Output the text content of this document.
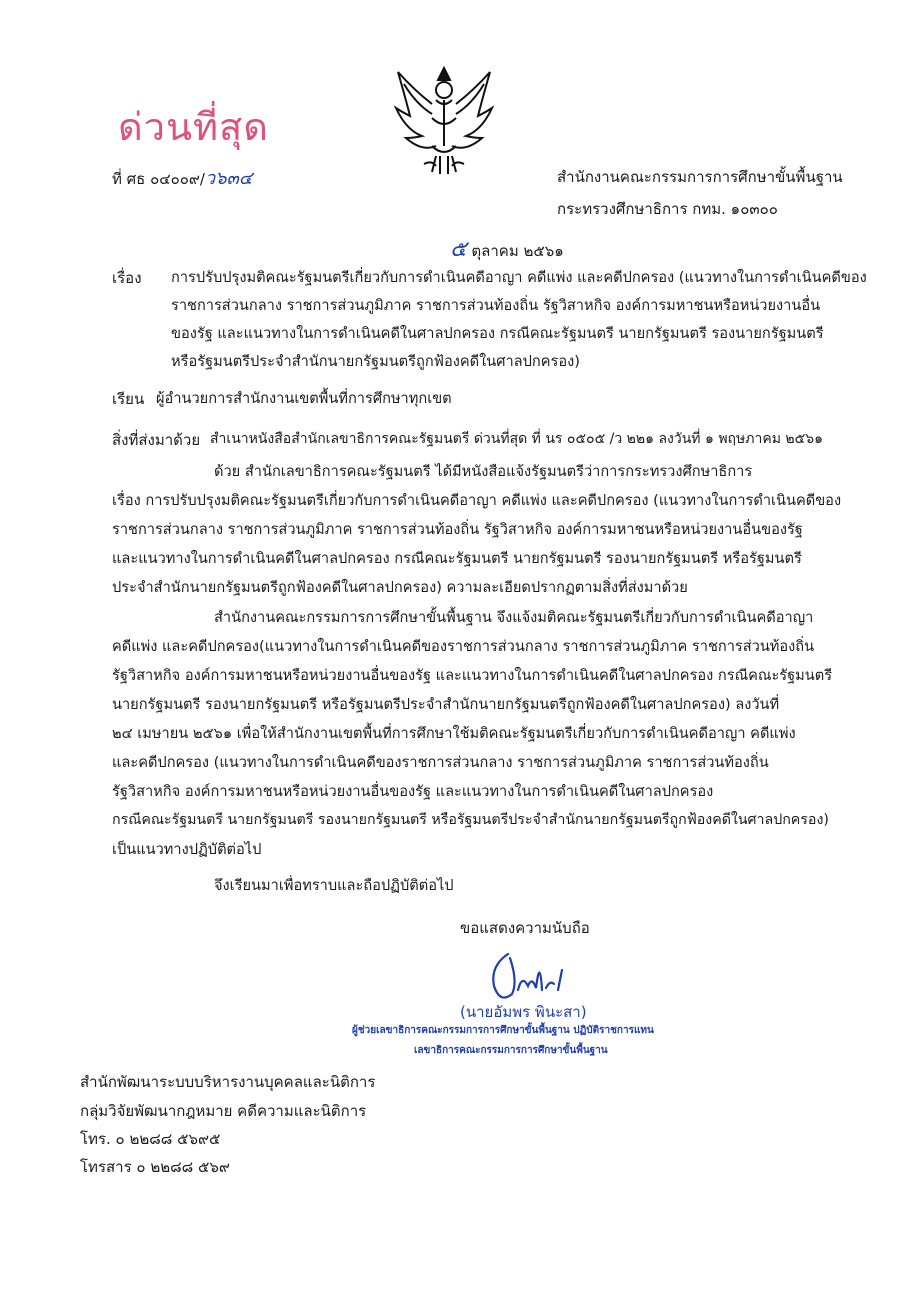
ด่วนที่สุด
ที่ ศธ ๐๔๐๐๙/ว๖๓๔	สำนักงานคณะกรรมการการศึกษาขั้นพื้นฐาน
กระทรวงศึกษาธิการ กทม. ๑๐๓๐๐
๕ ตุลาคม ๒๕๖๑
เรื่อง การปรับปรุงมติคณะรัฐมนตรีเกี่ยวกับการดำเนินคดีอาญา คดีแพ่ง และคดีปกครอง (แนวทางในการดำเนินคดีของ
ราชการส่วนกลาง ราชการส่วนภูมิภาค ราชการส่วนท้องถิ่น รัฐวิสาหกิจ องค์การมหาชนหรือหน่วยงานอื่น
ของรัฐ และแนวทางในการดำเนินคดีในศาลปกครอง กรณีคณะรัฐมนตรี นายกรัฐมนตรี รองนายกรัฐมนตรี
หรือรัฐมนตรีประจำสำนักนายกรัฐมนตรีถูกฟ้องคดีในศาลปกครอง)
เรียน ผู้อำนวยการสำนักงานเขตพื้นที่การศึกษาทุกเขต
สิ่งที่ส่งมาด้วย สำเนาหนังสือสำนักเลขาธิการคณะรัฐมนตรี ด่วนที่สุด ที่ นร ๐๕๐๕ /ว ๒๒๑ ลงวันที่ ๑ พฤษภาคม ๒๕๖๑
ด้วย สำนักเลขาธิการคณะรัฐมนตรี ได้มีหนังสือแจ้งรัฐมนตรีว่าการกระทรวงศึกษาธิการ
เรื่อง การปรับปรุงมติคณะรัฐมนตรีเกี่ยวกับการดำเนินคดีอาญา คดีแพ่ง และคดีปกครอง (แนวทางในการดำเนินคดีของ
ราชการส่วนกลาง ราชการส่วนภูมิภาค ราชการส่วนท้องถิ่น รัฐวิสาหกิจ องค์การมหาชนหรือหน่วยงานอื่นของรัฐ
และแนวทางในการดำเนินคดีในศาลปกครอง กรณีคณะรัฐมนตรี นายกรัฐมนตรี รองนายกรัฐมนตรี หรือรัฐมนตรี
ประจำสำนักนายกรัฐมนตรีถูกฟ้องคดีในศาลปกครอง) ความละเอียดปรากฏตามสิ่งที่ส่งมาด้วย
สำนักงานคณะกรรมการการศึกษาขั้นพื้นฐาน จึงแจ้งมติคณะรัฐมนตรีเกี่ยวกับการดำเนินคดีอาญา
คดีแพ่ง และคดีปกครอง(แนวทางในการดำเนินคดีของราชการส่วนกลาง ราชการส่วนภูมิภาค ราชการส่วนท้องถิ่น
รัฐวิสาหกิจ องค์การมหาชนหรือหน่วยงานอื่นของรัฐ และแนวทางในการดำเนินคดีในศาลปกครอง กรณีคณะรัฐมนตรี
นายกรัฐมนตรี รองนายกรัฐมนตรี หรือรัฐมนตรีประจำสำนักนายกรัฐมนตรีถูกฟ้องคดีในศาลปกครอง) ลงวันที่
๒๔ เมษายน ๒๕๖๑ เพื่อให้สำนักงานเขตพื้นที่การศึกษาใช้มติคณะรัฐมนตรีเกี่ยวกับการดำเนินคดีอาญา คดีแพ่ง
และคดีปกครอง (แนวทางในการดำเนินคดีของราชการส่วนกลาง ราชการส่วนภูมิภาค ราชการส่วนท้องถิ่น
รัฐวิสาหกิจ องค์การมหาชนหรือหน่วยงานอื่นของรัฐ และแนวทางในการดำเนินคดีในศาลปกครอง
กรณีคณะรัฐมนตรี นายกรัฐมนตรี รองนายกรัฐมนตรี หรือรัฐมนตรีประจำสำนักนายกรัฐมนตรีถูกฟ้องคดีในศาลปกครอง)
เป็นแนวทางปฏิบัติต่อไป
จึงเรียนมาเพื่อทราบและถือปฏิบัติต่อไป
ขอแสดงความนับถือ
(นายอัมพร พินะสา)
ผู้ช่วยเลขาธิการคณะกรรมการการศึกษาขั้นพื้นฐาน ปฏิบัติราชการแทน
เลขาธิการคณะกรรมการการศึกษาขั้นพื้นฐาน
สำนักพัฒนาระบบบริหารงานบุคคลและนิติการ
กลุ่มวิจัยพัฒนากฎหมาย คดีความและนิติการ
โทร. ๐ ๒๒๘๘ ๕๖๙๕
โทรสาร ๐ ๒๒๘๘ ๕๖๙
